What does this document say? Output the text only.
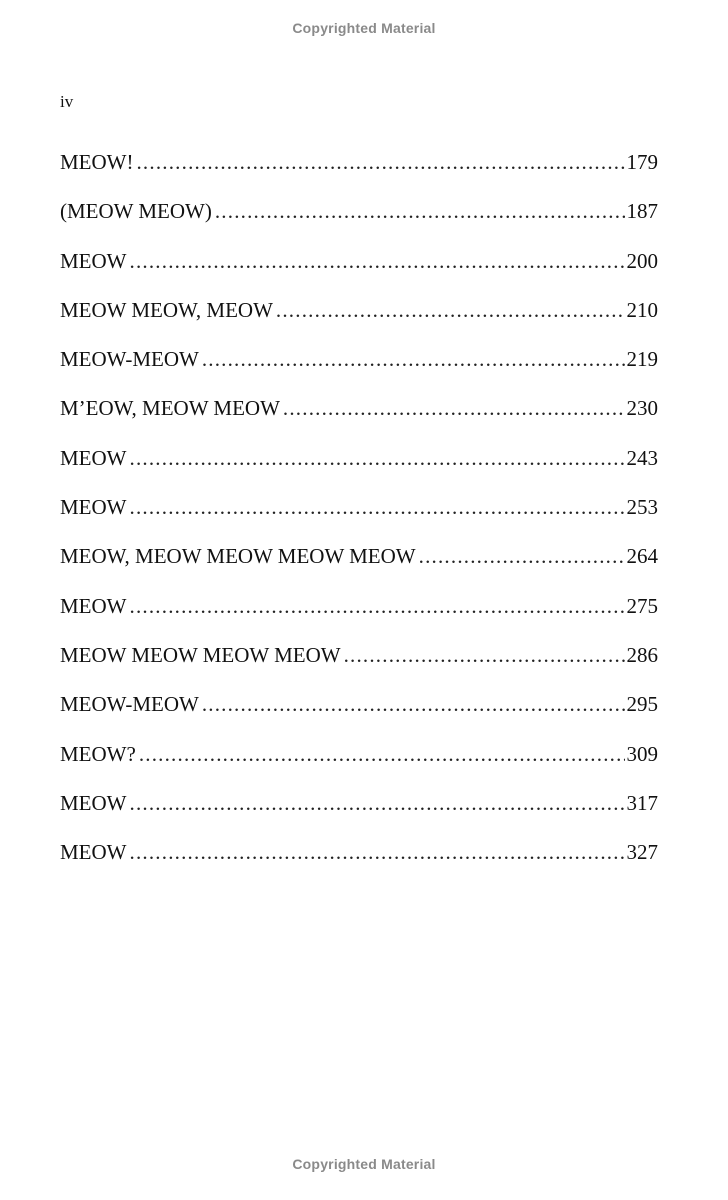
Copyrighted Material
iv
MEOW! .....	179
(MEOW MEOW) .....	187
MEOW .....	200
MEOW MEOW, MEOW .....	210
MEOW-MEOW .....	219
M’EOW, MEOW MEOW .....	230
MEOW .....	243
MEOW .....	253
MEOW, MEOW MEOW MEOW MEOW .....	264
MEOW .....	275
MEOW MEOW MEOW MEOW .....	286
MEOW-MEOW .....	295
MEOW? .....	309
MEOW .....	317
MEOW .....	327
Copyrighted Material
